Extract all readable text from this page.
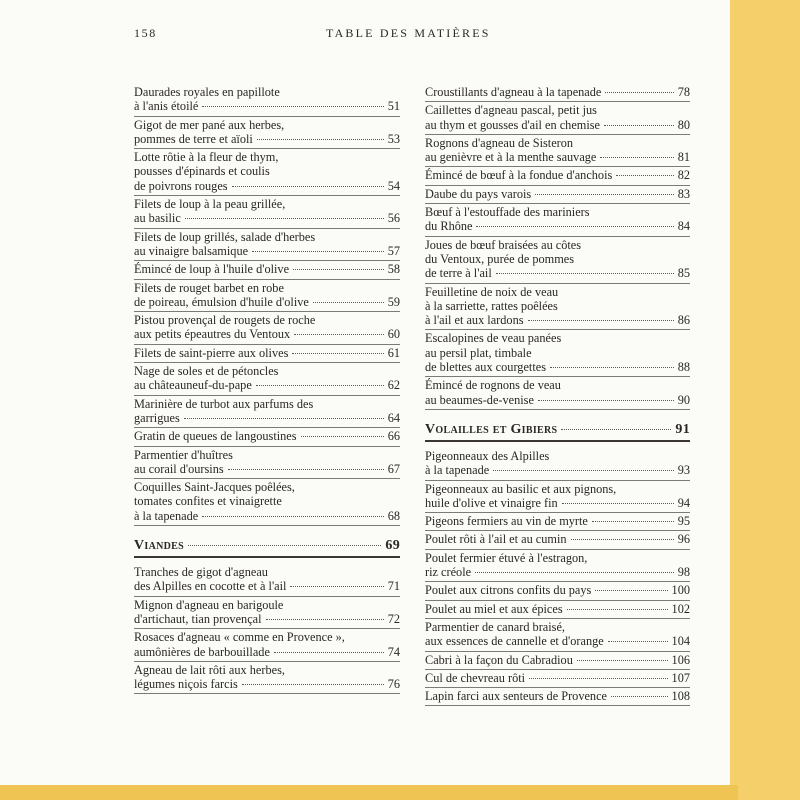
158	TABLE DES MATIÈRES
Daurades royales en papillote
à l'anis étoilé	51
Gigot de mer pané aux herbes,
pommes de terre et aïoli	53
Lotte rôtie à la fleur de thym,
pousses d'épinards et coulis
de poivrons rouges	54
Filets de loup à la peau grillée,
au basilic	56
Filets de loup grillés, salade d'herbes
au vinaigre balsamique	57
Émincé de loup à l'huile d'olive	58
Filets de rouget barbet en robe
de poireau, émulsion d'huile d'olive	59
Pistou provençal de rougets de roche
aux petits épeautres du Ventoux	60
Filets de saint-pierre aux olives	61
Nage de soles et de pétoncles
au châteauneuf-du-pape	62
Marinière de turbot aux parfums des
garrigues	64
Gratin de queues de langoustines	66
Parmentier d'huîtres
au corail d'oursins	67
Coquilles Saint-Jacques poêlées,
tomates confites et vinaigrette
à la tapenade	68
Viandes	69
Tranches de gigot d'agneau
des Alpilles en cocotte et à l'ail	71
Mignon d'agneau en barigoule
d'artichaut, tian provençal	72
Rosaces d'agneau « comme en Provence »,
aumônières de barbouillade	74
Agneau de lait rôti aux herbes,
légumes niçois farcis	76
Croustillants d'agneau à la tapenade	78
Caillettes d'agneau pascal, petit jus
au thym et gousses d'ail en chemise	80
Rognons d'agneau de Sisteron
au genièvre et à la menthe sauvage	81
Émincé de bœuf à la fondue d'anchois	82
Daube du pays varois	83
Bœuf à l'estouffade des mariniers
du Rhône	84
Joues de bœuf braisées au côtes
du Ventoux, purée de pommes
de terre à l'ail	85
Feuilletine de noix de veau
à la sarriette, rattes poêlées
à l'ail et aux lardons	86
Escalopines de veau panées
au persil plat, timbale
de blettes aux courgettes	88
Émincé de rognons de veau
au beaumes-de-venise	90
Volailles et Gibiers	91
Pigeonneaux des Alpilles
à la tapenade	93
Pigeonneaux au basilic et aux pignons,
huile d'olive et vinaigre fin	94
Pigeons fermiers au vin de myrte	95
Poulet rôti à l'ail et au cumin	96
Poulet fermier étuvé à l'estragon,
riz créole	98
Poulet aux citrons confits du pays	100
Poulet au miel et aux épices	102
Parmentier de canard braisé,
aux essences de cannelle et d'orange	104
Cabri à la façon du Cabradiou	106
Cul de chevreau rôti	107
Lapin farci aux senteurs de Provence	108
